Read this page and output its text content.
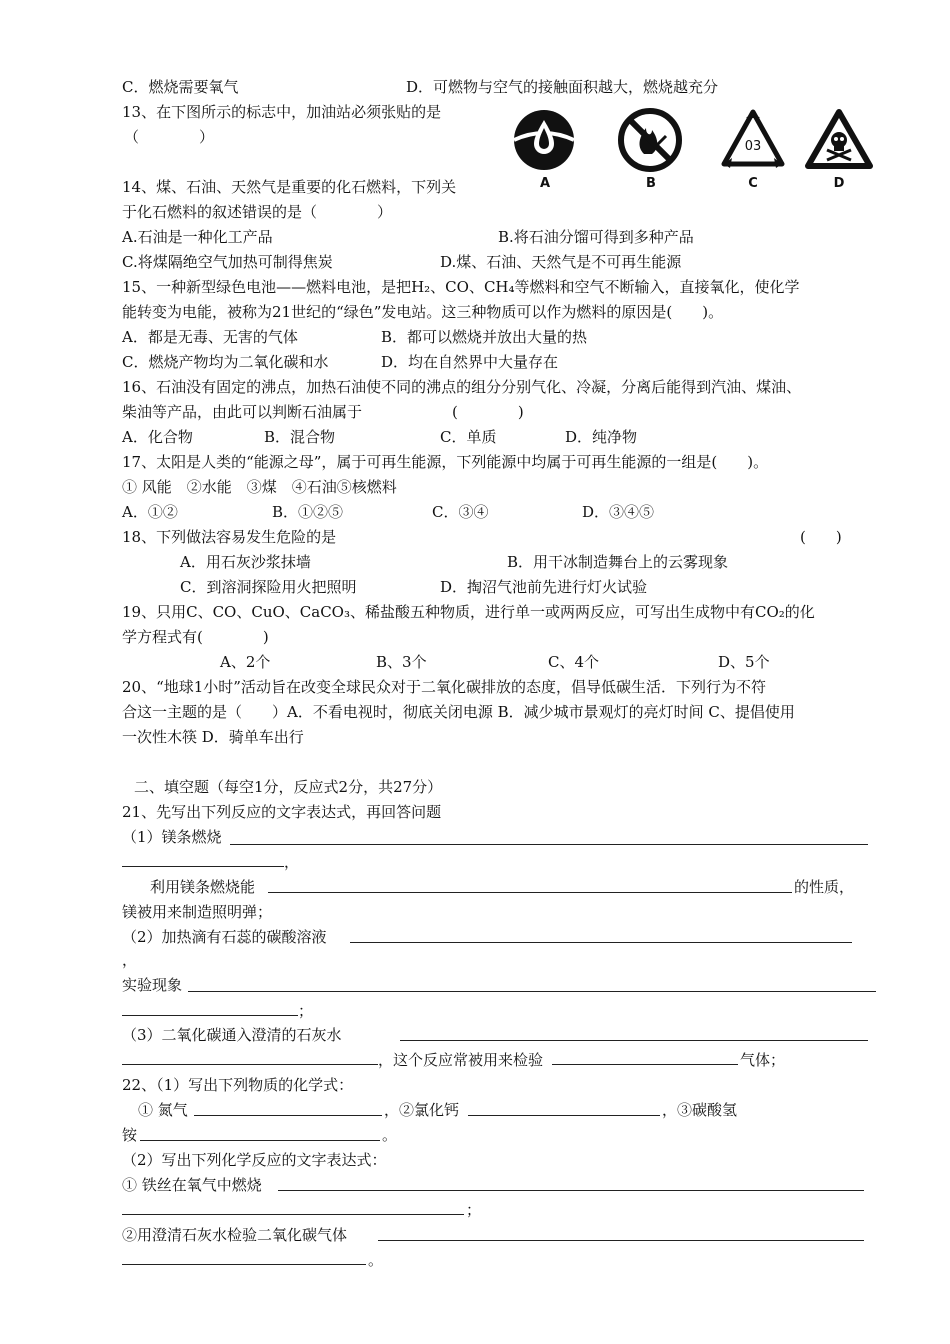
C．燃烧需要氧气	D．可燃物与空气的接触面积越大，燃烧越充分
13、在下图所示的标志中，加油站必须张贴的是
（　　　　）
A	B
03
C	D
14、煤、石油、天然气是重要的化石燃料，下列关
于化石燃料的叙述错误的是（　　　　）
A.石油是一种化工产品	B.将石油分馏可得到多种产品
C.将煤隔绝空气加热可制得焦炭	D.煤、石油、天然气是不可再生能源
15、一种新型绿色电池——燃料电池，是把H₂、CO、CH₄等燃料和空气不断输入，直接氧化，使化学
能转变为电能，被称为21世纪的“绿色”发电站。这三种物质可以作为燃料的原因是(　　)。
A．都是无毒、无害的气体	B．都可以燃烧并放出大量的热
C．燃烧产物均为二氧化碳和水	D．均在自然界中大量存在
16、石油没有固定的沸点，加热石油使不同的沸点的组分分别气化、冷凝，分离后能得到汽油、煤油、
柴油等产品，由此可以判断石油属于	(　　　　)
A．化合物	B．混合物	C．单质	D．纯净物
17、太阳是人类的“能源之母”，属于可再生能源，下列能源中均属于可再生能源的一组是(　　)。
① 风能　②水能　③煤　④石油⑤核燃料
A．①②	B．①②⑤	C．③④	D．③④⑤
18、下列做法容易发生危险的是	(　　)
A．用石灰沙浆抹墙	B．用干冰制造舞台上的云雾现象
C．到溶洞探险用火把照明	D．掏沼气池前先进行灯火试验
19、只用C、CO、CuO、CaCO₃、稀盐酸五种物质，进行单一或两两反应，可写出生成物中有CO₂的化
学方程式有(　　　　)
A、2个	B、3个	C、4个	D、5个
20、“地球1小时”活动旨在改变全球民众对于二氧化碳排放的态度，倡导低碳生活．下列行为不符
合这一主题的是（　　）A．不看电视时，彻底关闭电源 B．减少城市景观灯的亮灯时间 C、提倡使用
一次性木筷 D．骑单车出行
二、填空题（每空1分，反应式2分，共27分）
21、先写出下列反应的文字表达式，再回答问题
（1）镁条燃烧
，
利用镁条燃烧能	的性质，
镁被用来制造照明弹；
（2）加热滴有石蕊的碳酸溶液
，
实验现象
；
（3）二氧化碳通入澄清的石灰水
，这个反应常被用来检验	气体；
22、（1）写出下列物质的化学式：
① 氮气	，②氯化钙	，③碳酸氢
铵	。
（2）写出下列化学反应的文字表达式：
① 铁丝在氧气中燃烧
；
②用澄清石灰水检验二氧化碳气体
。
